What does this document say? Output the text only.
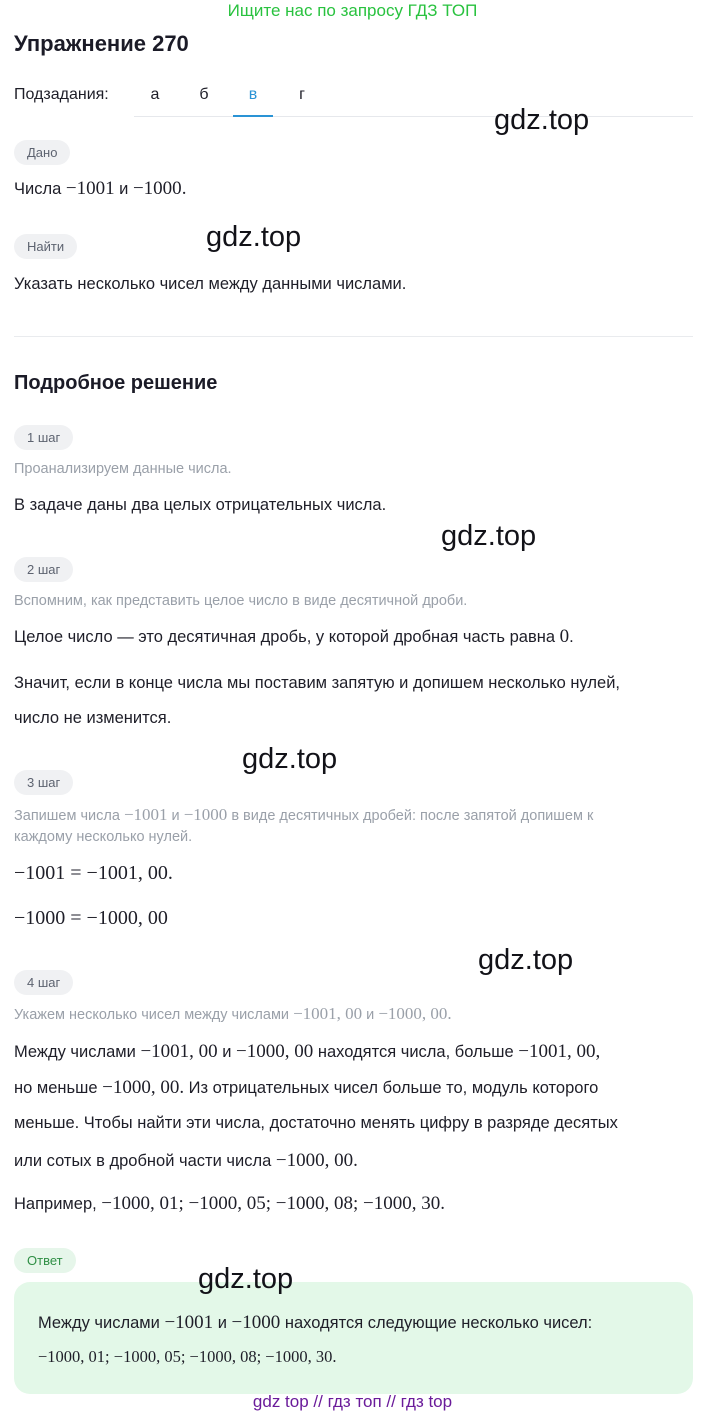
Ищите нас по запросу ГДЗ ТОП
Упражнение 270
Подзадания:	а	б	в	г
Дано
Числа −1001 и −1000.
Найти
Указать несколько чисел между данными числами.
Подробное решение
1 шаг
Проанализируем данные числа.
В задаче даны два целых отрицательных числа.
2 шаг
Вспомним, как представить целое число в виде десятичной дроби.
Целое число — это десятичная дробь, у которой дробная часть равна 0.
Значит, если в конце числа мы поставим запятую и допишем несколько нулей,
число не изменится.
3 шаг
Запишем числа −1001 и −1000 в виде десятичных дробей: после запятой допишем к
каждому несколько нулей.
−1001 = −1001, 00.
−1000 = −1000, 00
4 шаг
Укажем несколько чисел между числами −1001, 00 и −1000, 00.
Между числами −1001, 00 и −1000, 00 находятся числа, больше −1001, 00,
но меньше −1000, 00. Из отрицательных чисел больше то, модуль которого
меньше. Чтобы найти эти числа, достаточно менять цифру в разряде десятых
или сотых в дробной части числа −1000, 00.
Например, −1000, 01; −1000, 05; −1000, 08; −1000, 30.
Ответ
Между числами −1001 и −1000 находятся следующие несколько чисел:
−1000, 01; −1000, 05; −1000, 08; −1000, 30.
gdz.top
gdz.top
gdz.top
gdz.top
gdz.top
gdz.top
gdz top // гдз топ // гдз top
